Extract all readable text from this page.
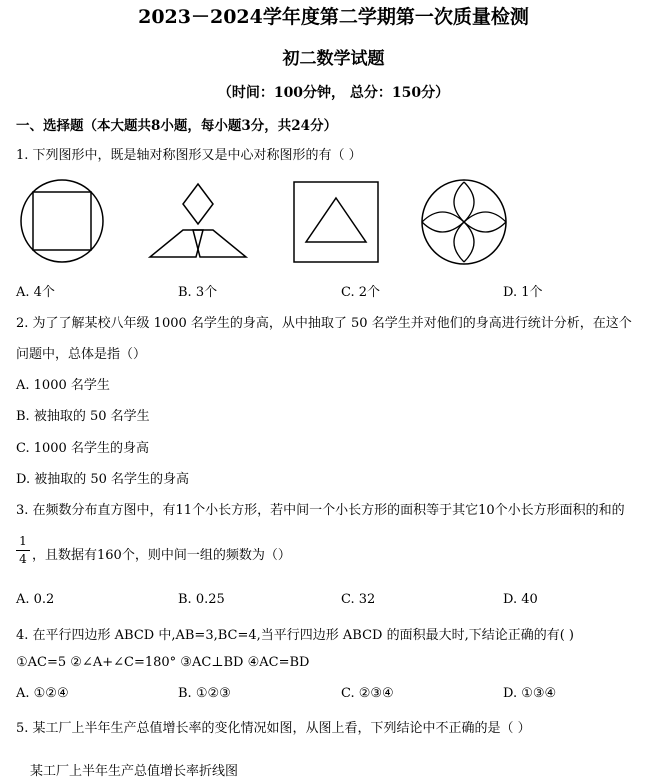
2023－2024学年度第二学期第一次质量检测
初二数学试题
（时间：100分钟， 总分：150分）
一、选择题（本大题共8小题，每小题3分，共24分）
1. 下列图形中，既是轴对称图形又是中心对称图形的有（ ）
A. 4个	B. 3个	C. 2个	D. 1个
2. 为了了解某校八年级 1000 名学生的身高，从中抽取了 50 名学生并对他们的身高进行统计分析，在这个
问题中，总体是指（）
A. 1000 名学生
B. 被抽取的 50 名学生
C. 1000 名学生的身高
D. 被抽取的 50 名学生的身高
3. 在频数分布直方图中，有11个小长方形，若中间一个小长方形的面积等于其它10个小长方形面积的和的
1
4 ，且数据有160个，则中间一组的频数为（）
A. 0.2	B. 0.25	C. 32	D. 40
4. 在平行四边形 ABCD 中,AB=3,BC=4,当平行四边形 ABCD 的面积最大时,下结论正确的有( )
①AC=5 ②∠A+∠C=180° ③AC⊥BD ④AC=BD
A. ①②④	B. ①②③	C. ②③④	D. ①③④
5. 某工厂上半年生产总值增长率的变化情况如图，从图上看，下列结论中不正确的是（ ）
某工厂上半年生产总值增长率折线图
